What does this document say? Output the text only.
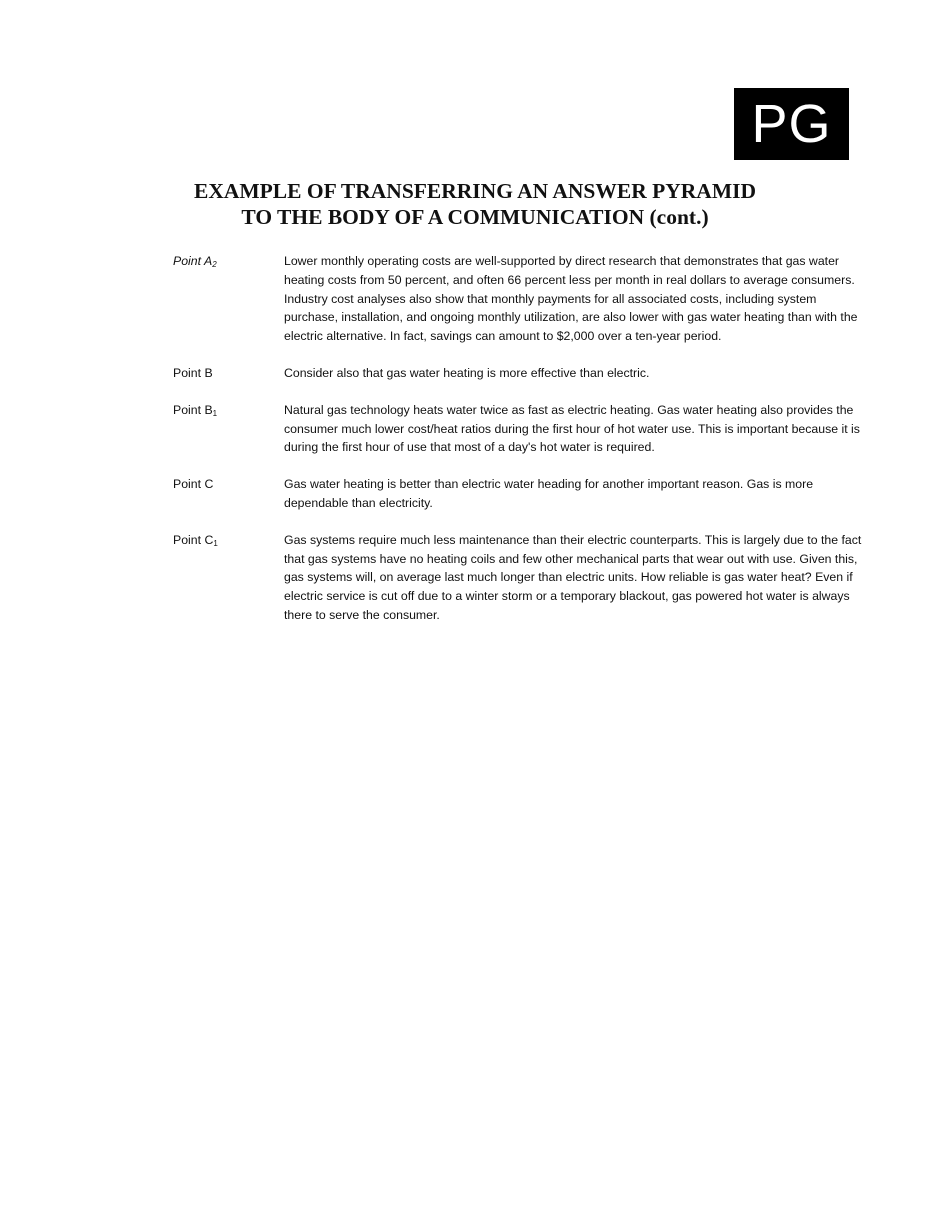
PG
EXAMPLE OF TRANSFERRING AN ANSWER PYRAMID
TO THE BODY OF A COMMUNICATION (cont.)
Point $A_2$	Lower monthly operating costs are well-supported by direct research that demonstrates that gas water heating costs from 50 percent, and often 66 percent less per month in real dollars to average consumers. Industry cost analyses also show that monthly payments for all associated costs, including system purchase, installation, and ongoing monthly utilization, are also lower with gas water heating than with the electric alternative. In fact, savings can amount to $2,000 over a ten-year period.
Point B	Consider also that gas water heating is more effective than electric.
Point $B_1$	Natural gas technology heats water twice as fast as electric heating. Gas water heating also provides the consumer much lower cost/heat ratios during the first hour of hot water use. This is important because it is during the first hour of use that most of a day's hot water is required.
Point C	Gas water heating is better than electric water heading for another important reason. Gas is more dependable than electricity.
Point $C_1$	Gas systems require much less maintenance than their electric counterparts. This is largely due to the fact that gas systems have no heating coils and few other mechanical parts that wear out with use. Given this, gas systems will, on average last much longer than electric units. How reliable is gas water heat? Even if electric service is cut off due to a winter storm or a temporary blackout, gas powered hot water is always there to serve the consumer.
